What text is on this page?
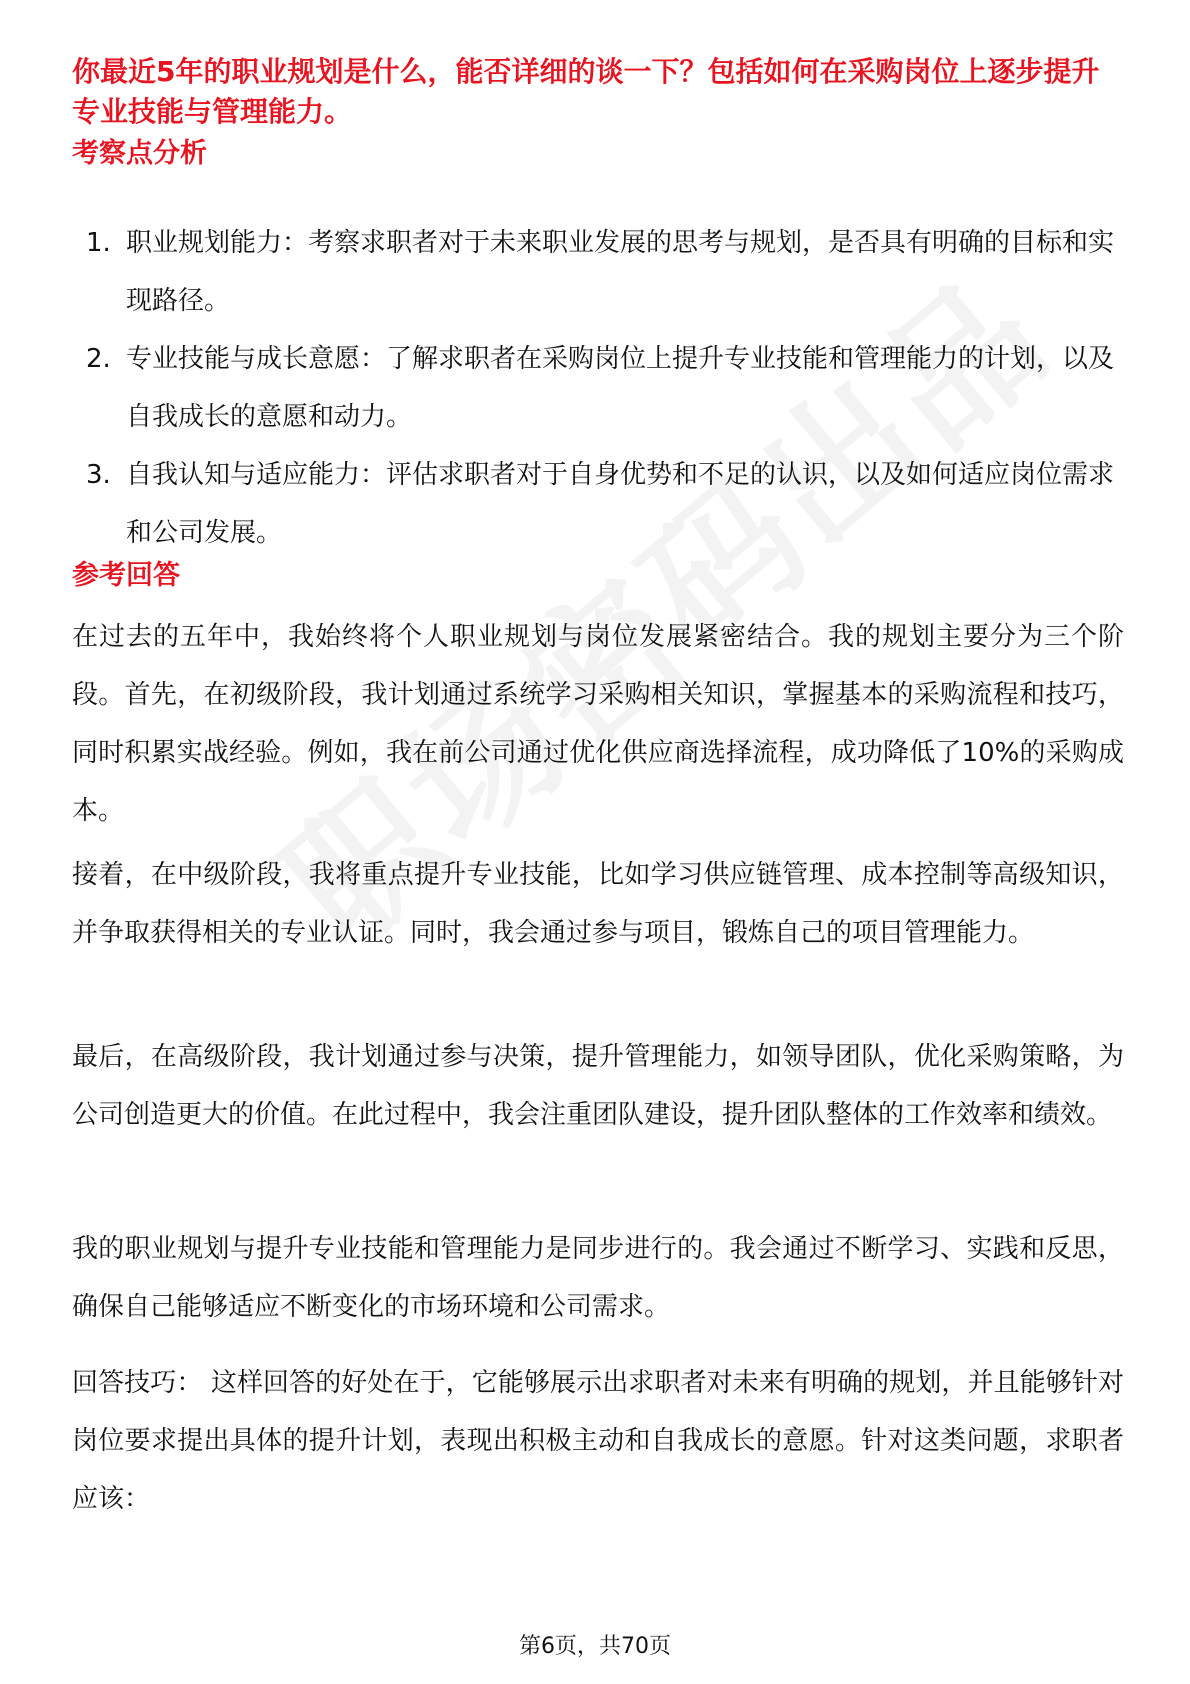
你最近5年的职业规划是什么，能否详细的谈一下？包括如何在采购岗位上逐步提升专业技能与管理能力。

考察点分析
1. 职业规划能力：考察求职者对于未来职业发展的思考与规划，是否具有明确的目标和实现路径。
2. 专业技能与成长意愿：了解求职者在采购岗位上提升专业技能和管理能力的计划，以及自我成长的意愿和动力。
3. 自我认知与适应能力：评估求职者对于自身优势和不足的认识，以及如何适应岗位需求和公司发展。
参考回答

在过去的五年中，我始终将个人职业规划与岗位发展紧密结合。我的规划主要分为三个阶段。首先，在初级阶段，我计划通过系统学习采购相关知识，掌握基本的采购流程和技巧，同时积累实战经验。例如，我在前公司通过优化供应商选择流程，成功降低了10%的采购成本。

接着，在中级阶段，我将重点提升专业技能，比如学习供应链管理、成本控制等高级知识，并争取获得相关的专业认证。同时，我会通过参与项目，锻炼自己的项目管理能力。

最后，在高级阶段，我计划通过参与决策，提升管理能力，如领导团队，优化采购策略，为公司创造更大的价值。在此过程中，我会注重团队建设，提升团队整体的工作效率和绩效。

我的职业规划与提升专业技能和管理能力是同步进行的。我会通过不断学习、实践和反思，确保自己能够适应不断变化的市场环境和公司需求。

回答技巧： 这样回答的好处在于，它能够展示出求职者对未来有明确的规划，并且能够针对岗位要求提出具体的提升计划，表现出积极主动和自我成长的意愿。针对这类问题，求职者应该：

第6页，共70页
